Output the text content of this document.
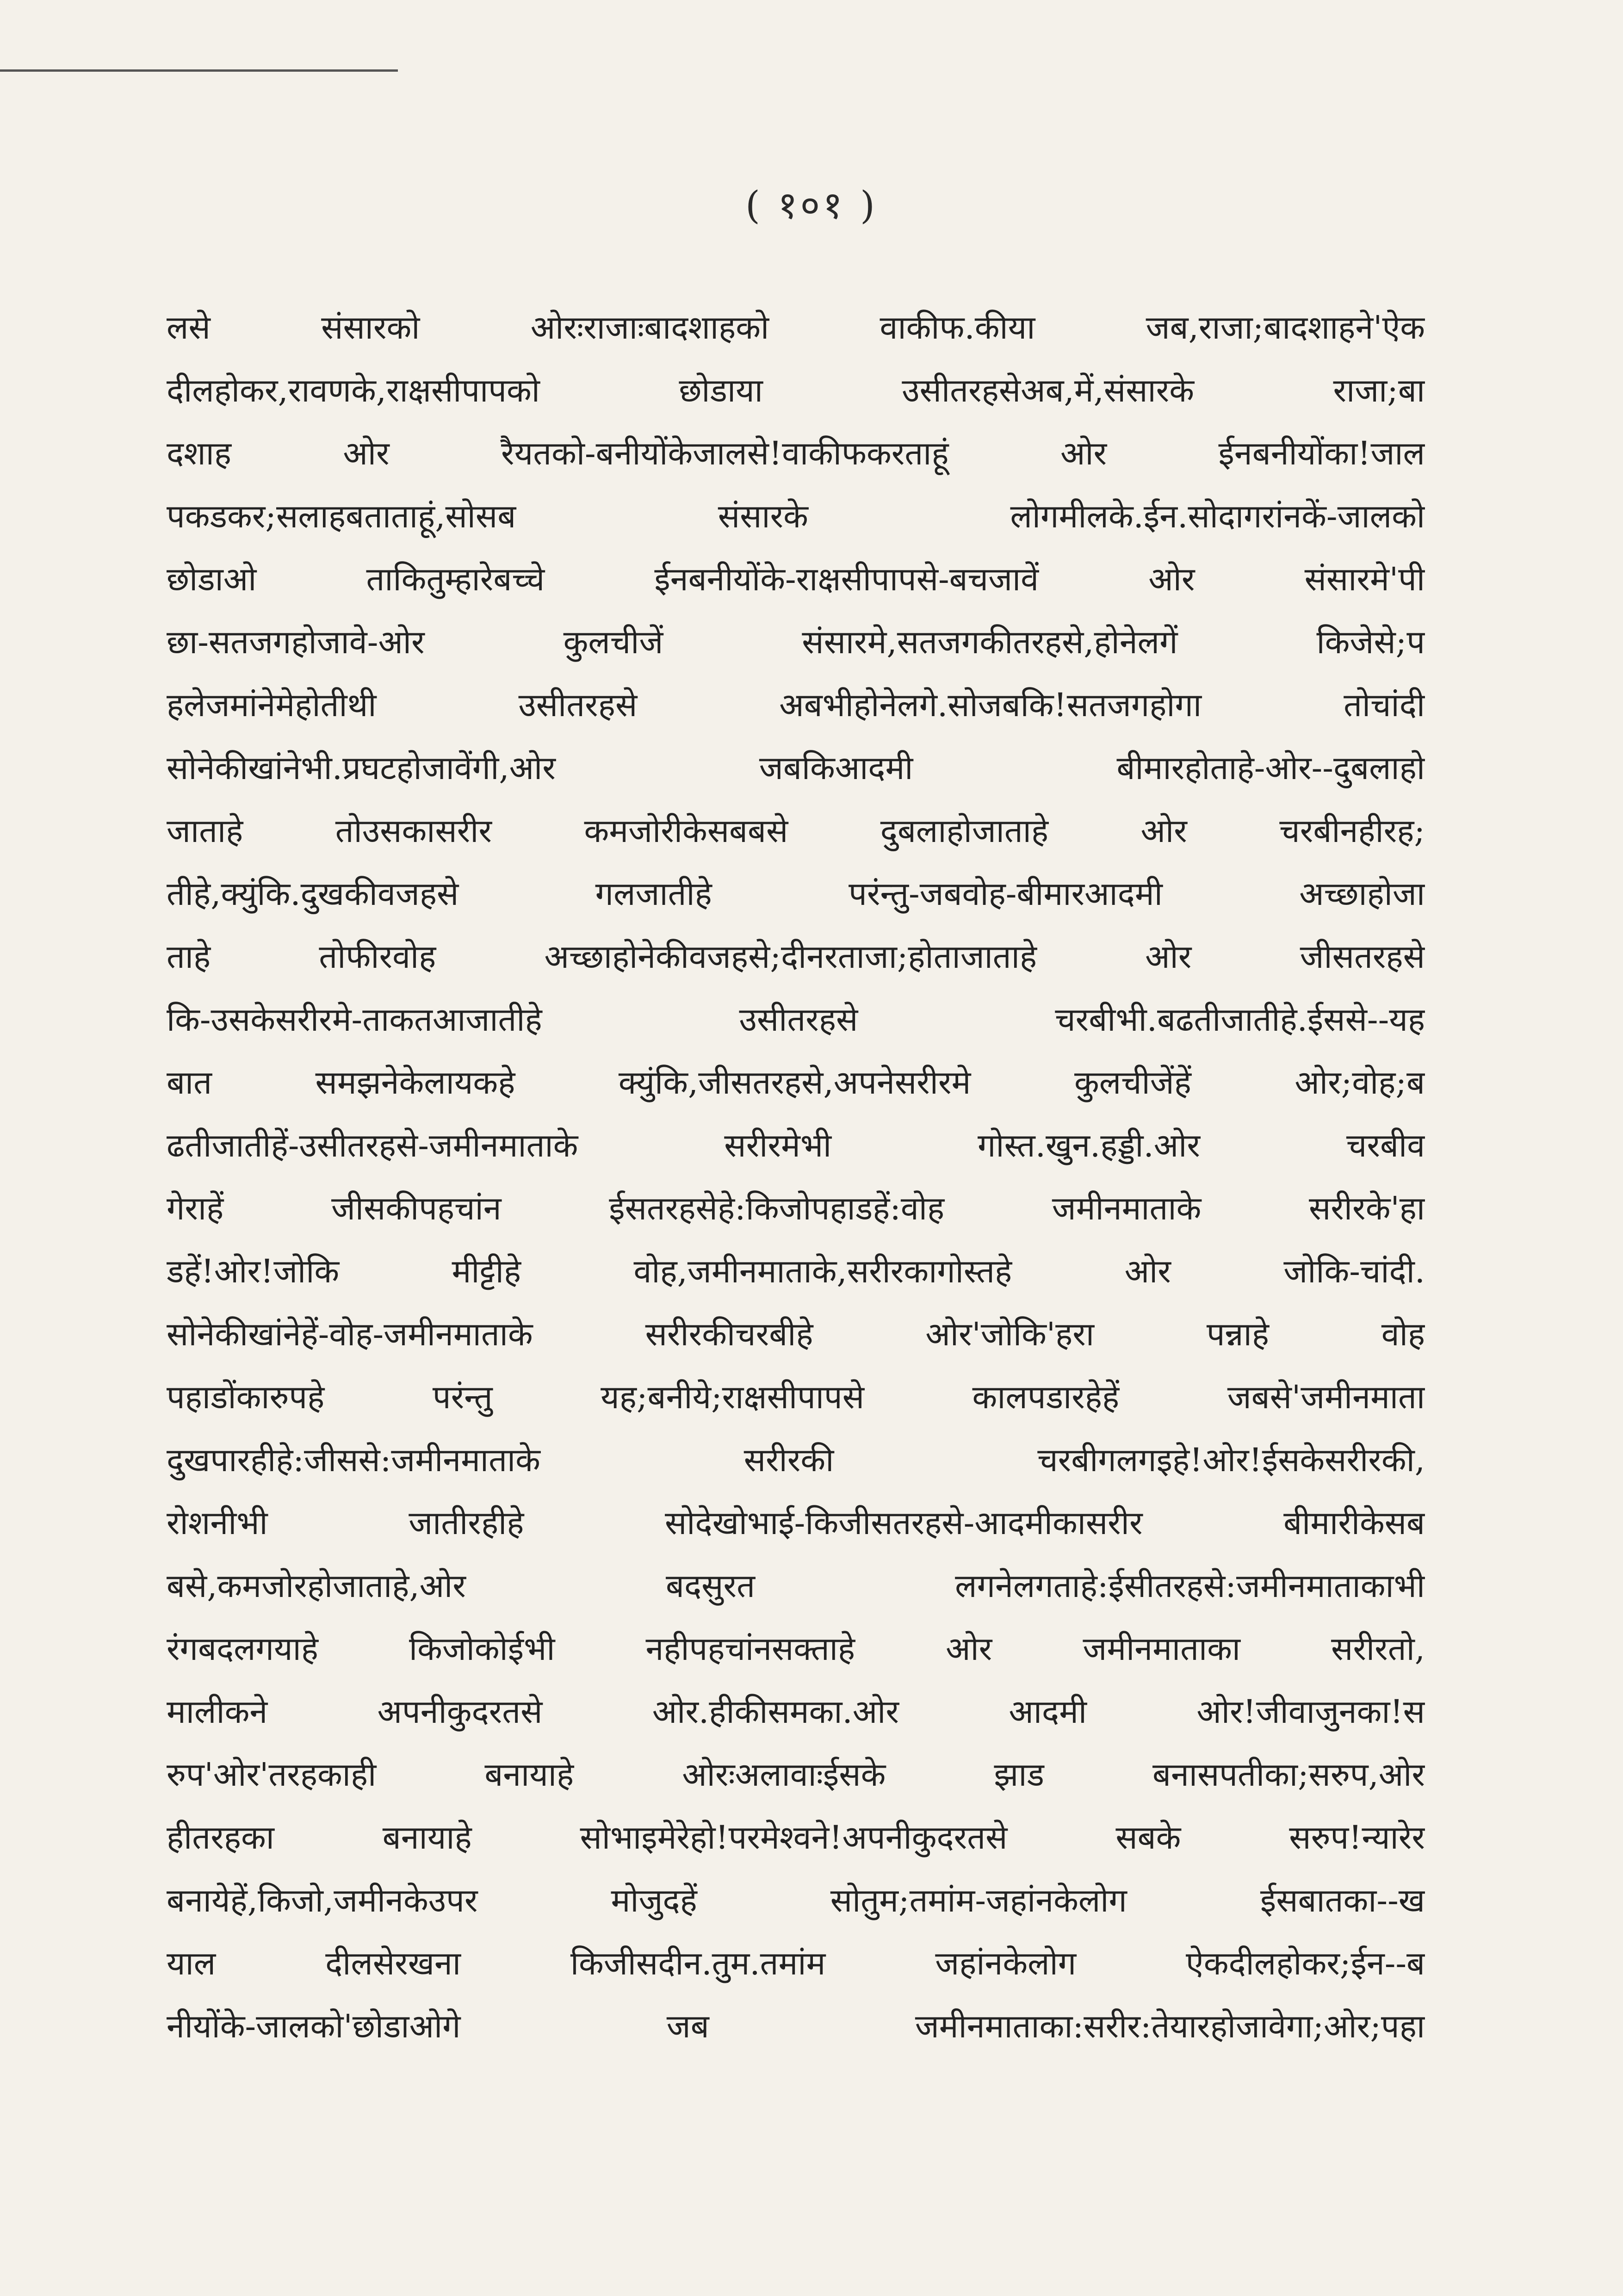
( १०१ )
लसे संसारको ओरःराजाःबादशाहको वाकीफ.कीया जब,राजा;बादशाहने'ऐक
दीलहोकर,रावणके,राक्षसीपापको छोडाया उसीतरहसेअब,में,संसारके राजा;बा
दशाह ओर रैयतको-बनीयोंकेजालसे!वाकीफकरताहूं ओर ईनबनीयोंका!जाल
पकडकर;सलाहबताताहूं,सोसब संसारके लोगमीलके.ईन.सोदागरांनकें-जालको
छोडाओ ताकितुम्हारेबच्चे ईनबनीयोंके-राक्षसीपापसे-बचजावें ओर संसारमे'पी
छा-सतजगहोजावे-ओर कुलचीजें संसारमे,सतजगकीतरहसे,होनेलगें किजेसे;प
हलेजमांनेमेहोतीथी उसीतरहसे अबभीहोनेलगे.सोजबकि!सतजगहोगा तोचांदी
सोनेकीखांनेभी.प्रघटहोजावेंगी,ओर जबकिआदमी बीमारहोताहे-ओर--दुबलाहो
जाताहे तोउसकासरीर कमजोरीकेसबबसे दुबलाहोजाताहे ओर चरबीनहीरह;
तीहे,क्युंकि.दुखकीवजहसे गलजातीहे परंन्तु-जबवोह-बीमारआदमी अच्छाहोजा
ताहे तोफीरवोह अच्छाहोनेकीवजहसे;दीनरताजा;होताजाताहे ओर जीसतरहसे
कि-उसकेसरीरमे-ताकतआजातीहे उसीतरहसे चरबीभी.बढतीजातीहे.ईससे--यह
बात समझनेकेलायकहे क्युंकि,जीसतरहसे,अपनेसरीरमे कुलचीजेंहें ओर;वोह;ब
ढतीजातीहें-उसीतरहसे-जमीनमाताके सरीरमेभी गोस्त.खुन.हड्डी.ओर चरबीव
गेराहें जीसकीपहचांन ईसतरहसेहे:किजोपहाडहें:वोह जमीनमाताके सरीरके'हा
डहें!ओर!जोकि मीट्टीहे वोह,जमीनमाताके,सरीरकागोस्तहे ओर जोकि-चांदी.
सोनेकीखांनेहें-वोह-जमीनमाताके सरीरकीचरबीहे ओर'जोकि'हरा पन्नाहे वोह
पहाडोंकारुपहे परंन्तु यह;बनीये;राक्षसीपापसे कालपडारहेहें जबसे'जमीनमाता
दुखपारहीहे:जीससे:जमीनमाताके सरीरकी चरबीगलगइहे!ओर!ईसकेसरीरकी,
रोशनीभी जातीरहीहे सोदेखोभाई-किजीसतरहसे-आदमीकासरीर बीमारीकेसब
बसे,कमजोरहोजाताहे,ओर बदसुरत लगनेलगताहे:ईसीतरहसे:जमीनमाताकाभी
रंगबदलगयाहे किजोकोईभी नहीपहचांनसक्ताहे ओर जमीनमाताका सरीरतो,
मालीकने अपनीकुदरतसे ओर.हीकीसमका.ओर आदमी ओर!जीवाजुनका!स
रुप'ओर'तरहकाही बनायाहे ओरःअलावाःईसके झाड बनासपतीका;सरुप,ओर
हीतरहका बनायाहे सोभाइमेरेहो!परमेश्वने!अपनीकुदरतसे सबके सरुप!न्यारेर
बनायेहें,किजो,जमीनकेउपर मोजुदहें सोतुम;तमांम-जहांनकेलोग ईसबातका--ख
याल दीलसेरखना किजीसदीन.तुम.तमांम जहांनकेलोग ऐकदीलहोकर;ईन--ब
नीयोंके-जालको'छोडाओगे जब जमीनमाताका:सरीर:तेयारहोजावेगा;ओर;पहा
